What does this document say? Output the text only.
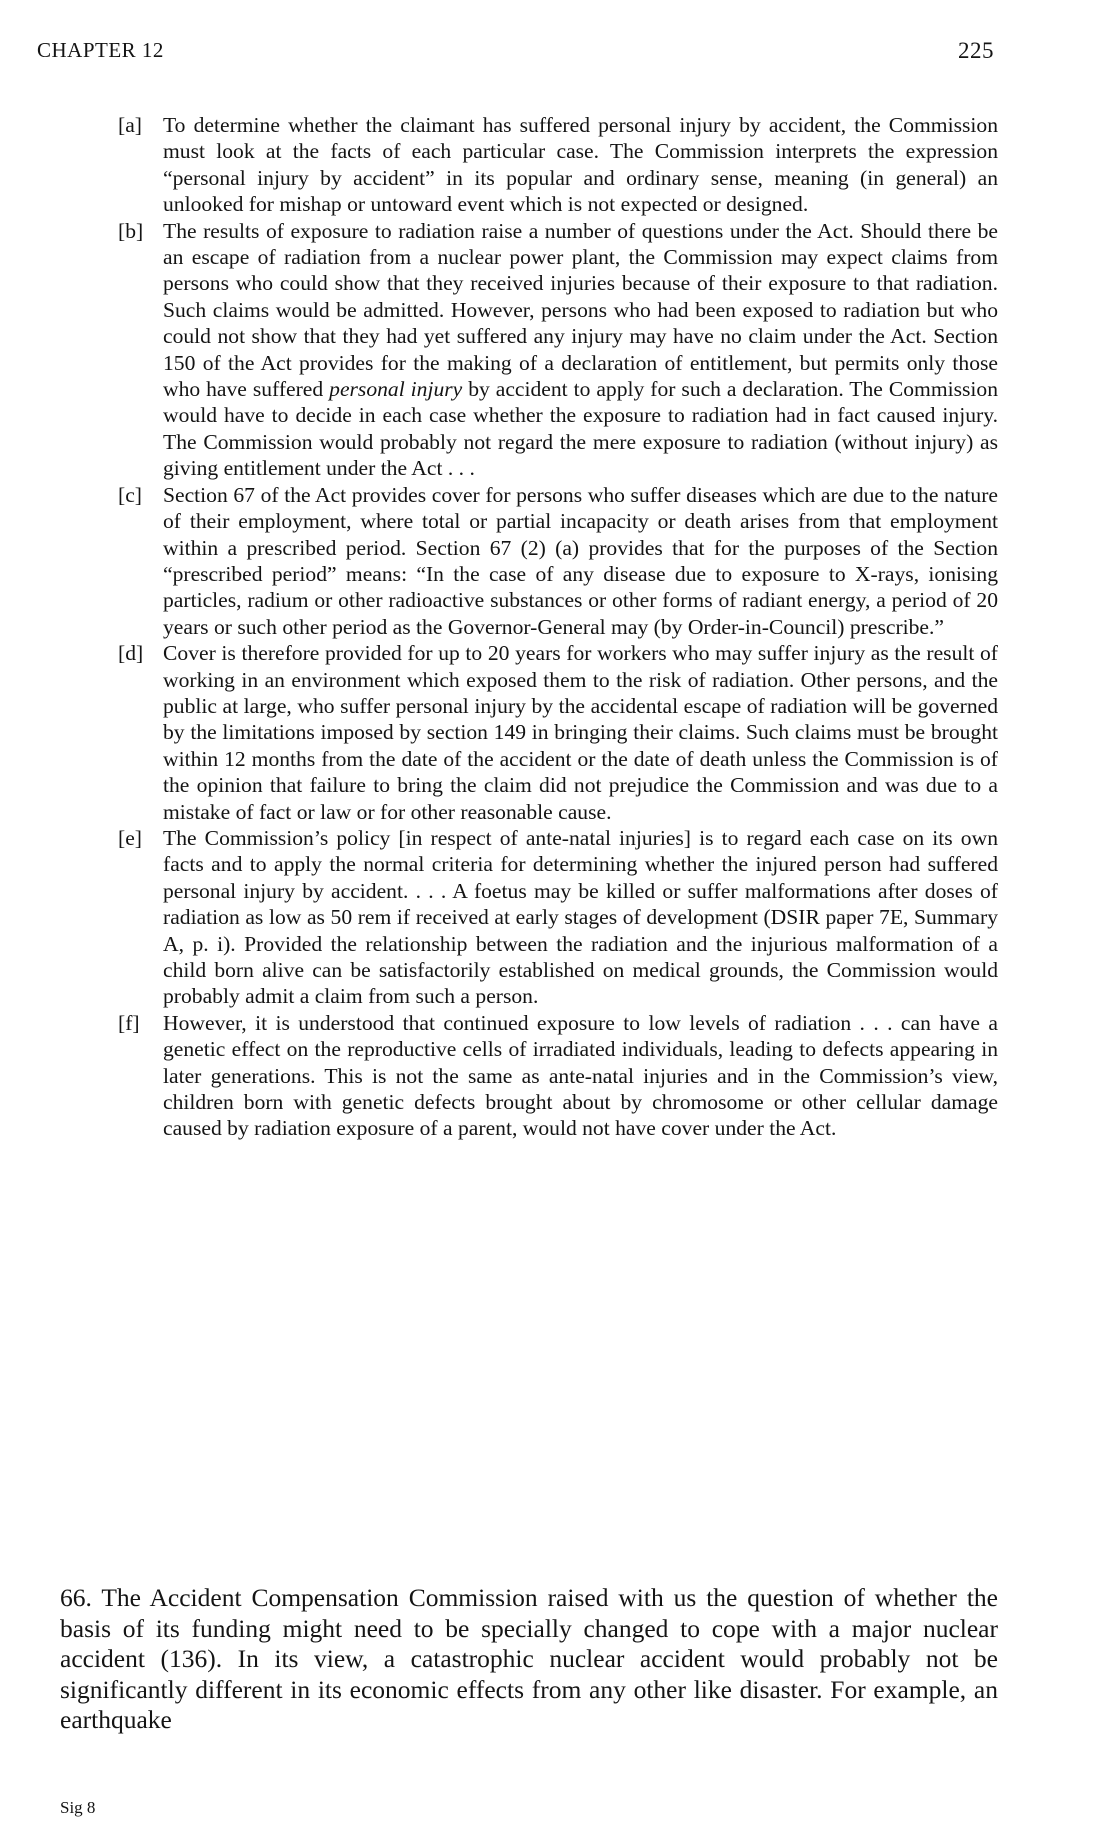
CHAPTER 12	225
[a] To determine whether the claimant has suffered personal injury by accident, the Commission must look at the facts of each particular case. The Commission interprets the expression “personal injury by accident” in its popular and ordinary sense, meaning (in general) an unlooked for mishap or untoward event which is not expected or designed.

[b] The results of exposure to radiation raise a number of questions under the Act. Should there be an escape of radiation from a nuclear power plant, the Commission may expect claims from persons who could show that they received injuries because of their exposure to that radiation. Such claims would be admitted. However, persons who had been exposed to radiation but who could not show that they had yet suffered any injury may have no claim under the Act. Section 150 of the Act provides for the making of a declaration of entitlement, but permits only those who have suffered personal injury by accident to apply for such a declaration. The Commission would have to decide in each case whether the exposure to radiation had in fact caused injury. The Commission would probably not regard the mere exposure to radiation (without injury) as giving entitlement under the Act . . .

[c] Section 67 of the Act provides cover for persons who suffer diseases which are due to the nature of their employment, where total or partial incapacity or death arises from that employment within a prescribed period. Section 67 (2) (a) provides that for the purposes of the Section “prescribed period” means: “In the case of any disease due to exposure to X-rays, ionising particles, radium or other radioactive substances or other forms of radiant energy, a period of 20 years or such other period as the Governor-General may (by Order-in-Council) prescribe.”

[d] Cover is therefore provided for up to 20 years for workers who may suffer injury as the result of working in an environment which exposed them to the risk of radiation. Other persons, and the public at large, who suffer personal injury by the accidental escape of radiation will be governed by the limitations imposed by section 149 in bringing their claims. Such claims must be brought within 12 months from the date of the accident or the date of death unless the Commission is of the opinion that failure to bring the claim did not prejudice the Commission and was due to a mistake of fact or law or for other reasonable cause.

[e] The Commission’s policy [in respect of ante-natal injuries] is to regard each case on its own facts and to apply the normal criteria for determining whether the injured person had suffered personal injury by accident. . . . A foetus may be killed or suffer malformations after doses of radiation as low as 50 rem if received at early stages of development (DSIR paper 7E, Summary A, p. i). Provided the relationship between the radiation and the injurious malformation of a child born alive can be satisfactorily established on medical grounds, the Commission would probably admit a claim from such a person.

[f] However, it is understood that continued exposure to low levels of radiation . . . can have a genetic effect on the reproductive cells of irradiated individuals, leading to defects appearing in later generations. This is not the same as ante-natal injuries and in the Commission’s view, children born with genetic defects brought about by chromosome or other cellular damage caused by radiation exposure of a parent, would not have cover under the Act.

66. The Accident Compensation Commission raised with us the question of whether the basis of its funding might need to be specially changed to cope with a major nuclear accident (136). In its view, a catastrophic nuclear accident would probably not be significantly different in its economic effects from any other like disaster. For example, an earthquake

Sig 8
